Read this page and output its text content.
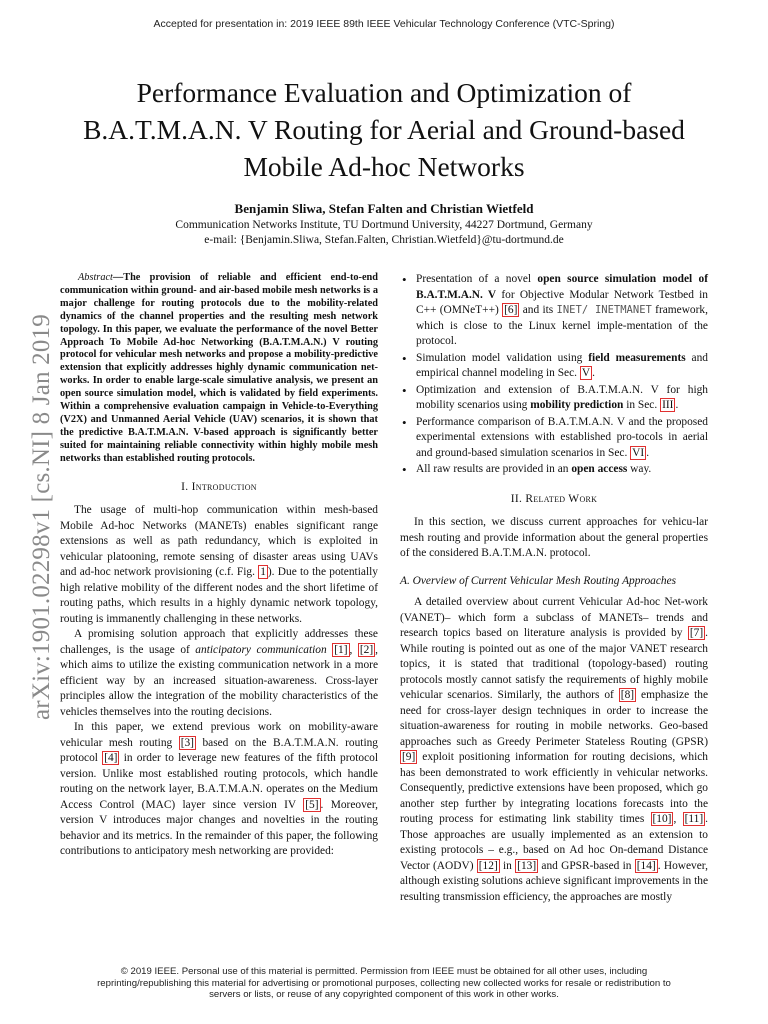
Accepted for presentation in: 2019 IEEE 89th IEEE Vehicular Technology Conference (VTC-Spring)
Performance Evaluation and Optimization of B.A.T.M.A.N. V Routing for Aerial and Ground-based Mobile Ad-hoc Networks
Benjamin Sliwa, Stefan Falten and Christian Wietfeld
Communication Networks Institute, TU Dortmund University, 44227 Dortmund, Germany
e-mail: {Benjamin.Sliwa, Stefan.Falten, Christian.Wietfeld}@tu-dortmund.de
arXiv:1901.02298v1 [cs.NI] 8 Jan 2019

Abstract—The provision of reliable and efficient end-to-end communication within ground- and air-based mobile mesh networks is a major challenge for routing protocols due to the mobility-related dynamics of the channel properties and the resulting mesh network topology. In this paper, we evaluate the performance of the novel Better Approach To Mobile Ad-hoc Networking (B.A.T.M.A.N.) V routing protocol for vehicular mesh networks and propose a mobility-predictive extension that explicitly addresses highly dynamic communication net-works. In order to enable large-scale simulative analysis, we present an open source simulation model, which is validated by field experiments. Within a comprehensive evaluation campaign in Vehicle-to-Everything (V2X) and Unmanned Aerial Vehicle (UAV) scenarios, it is shown that the predictive B.A.T.M.A.N. V-based approach is significantly better suited for maintaining reliable connectivity within highly mobile mesh networks than established routing protocols.

I. Introduction

The usage of multi-hop communication within mesh-based Mobile Ad-hoc Networks (MANETs) enables significant range extensions as well as path redundancy, which is exploited in vehicular platooning, remote sensing of disaster areas using UAVs and ad-hoc network provisioning (c.f. Fig. 1 ). Due to the potentially high relative mobility of the different nodes and the short lifetime of routing paths, which results in a highly dynamic network topology, routing is immanently challenging in these networks.

A promising solution approach that explicitly addresses these challenges, is the usage of anticipatory communication [1] , [2] , which aims to utilize the existing communication network in a more efficient way by an increased situation-awareness. Cross-layer principles allow the integration of the mobility characteristics of the vehicles themselves into the routing decisions.

In this paper, we extend previous work on mobility-aware vehicular mesh routing [3] based on the B.A.T.M.A.N. routing protocol [4] in order to leverage new features of the fifth protocol version. Unlike most established routing protocols, which handle routing on the network layer, B.A.T.M.A.N. operates on the Medium Access Control (MAC) layer since version IV [5] . Moreover, version V introduces major changes and novelties in the routing behavior and its metrics. In the remainder of this paper, the following contributions to anticipatory mesh networking are provided:

• Presentation of a novel open source simulation model of B.A.T.M.A.N. V for Objective Modular Network Testbed in C++ (OMNeT++) [6] and its INET/ INETMANET framework, which is close to the Linux kernel imple-mentation of the protocol.
• Simulation model validation using field measurements and empirical channel modeling in Sec. V .
• Optimization and extension of B.A.T.M.A.N. V for high mobility scenarios using mobility prediction in Sec. III .
• Performance comparison of B.A.T.M.A.N. V and the proposed experimental extensions with established pro-tocols in aerial and ground-based simulation scenarios in Sec. VI .
• All raw results are provided in an open access way.
II. Related Work

In this section, we discuss current approaches for vehicu-lar mesh routing and provide information about the general properties of the considered B.A.T.M.A.N. protocol.

A. Overview of Current Vehicular Mesh Routing Approaches

A detailed overview about current Vehicular Ad-hoc Net-work (VANET)– which form a subclass of MANETs– trends and research topics based on literature analysis is provided by [7] . While routing is pointed out as one of the major VANET research topics, it is stated that traditional (topology-based) routing protocols mostly cannot satisfy the requirements of highly mobile vehicular scenarios. Similarly, the authors of [8] emphasize the need for cross-layer design techniques in order to increase the situation-awareness for routing in mobile networks. Geo-based approaches such as Greedy Perimeter Stateless Routing (GPSR) [9] exploit positioning information for routing decisions, which has been demonstrated to work efficiently in vehicular networks. Consequently, predictive extensions have been proposed, which go another step further by integrating locations forecasts into the routing process for estimating link stability times [10] , [11] . Those approaches are usually implemented as an extension to existing protocols – e.g., based on Ad hoc On-demand Distance Vector (AODV) [12] in [13] and GPSR-based in [14] . However, although existing solutions achieve significant improvements in the resulting transmission efficiency, the approaches are mostly

© 2019 IEEE. Personal use of this material is permitted. Permission from IEEE must be obtained for all other uses, including reprinting/republishing this material for advertising or promotional purposes, collecting new collected works for resale or redistribution to servers or lists, or reuse of any copyrighted component of this work in other works.
